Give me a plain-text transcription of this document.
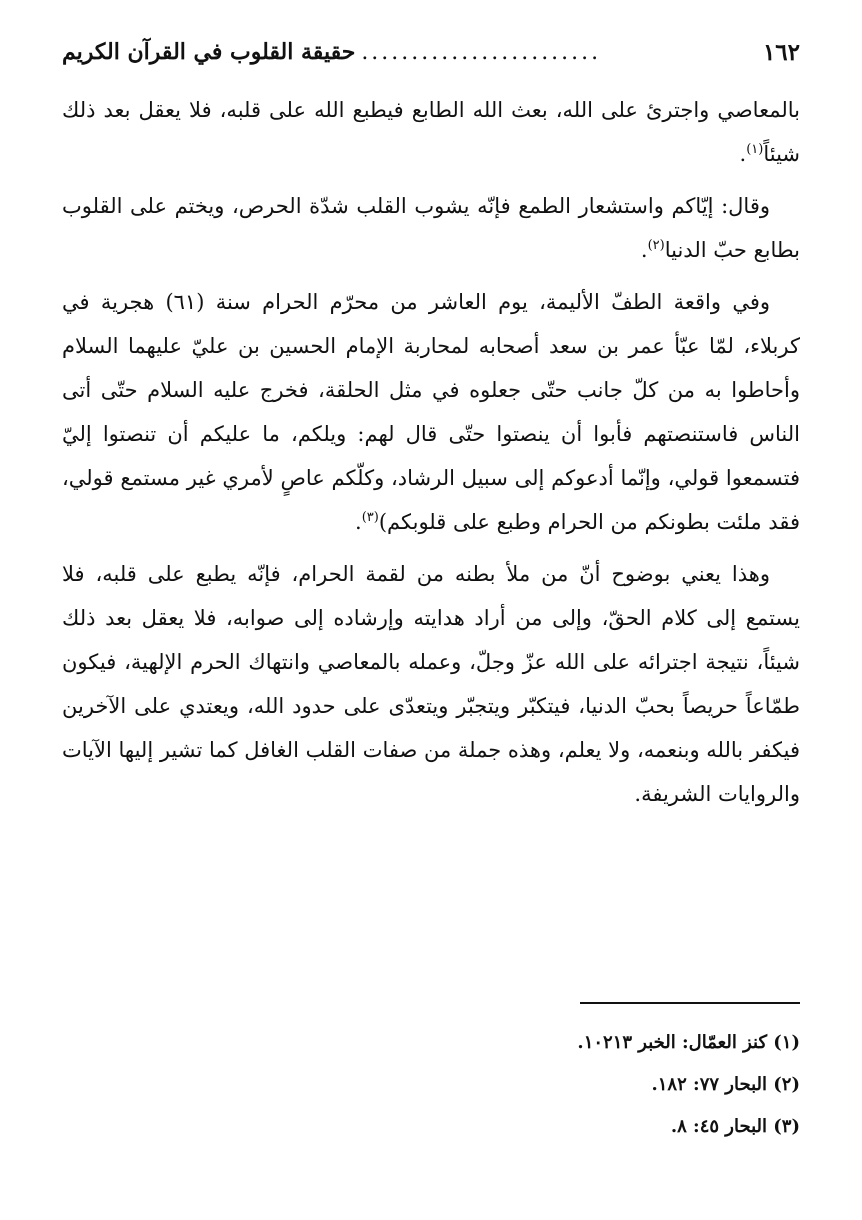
١٦٢
........................
حقيقة القلوب في القرآن الكريم

بالمعاصي واجترئ على الله، بعث الله الطابع فيطبع الله على قلبه، فلا يعقل بعد ذلك شيئاً$^{(١)}$.

وقال: إيّاكم واستشعار الطمع فإنّه يشوب القلب شدّة الحرص، ويختم على القلوب بطابع حبّ الدنيا$^{(٢)}$.

وفي واقعة الطفّ الأليمة، يوم العاشر من محرّم الحرام سنة (٦١) هجرية في كربلاء، لمّا عبّأ عمر بن سعد أصحابه لمحاربة الإمام الحسين بن عليّ عليهما السلام وأحاطوا به من كلّ جانب حتّى جعلوه في مثل الحلقة، فخرج عليه السلام حتّى أتى الناس فاستنصتهم فأبوا أن ينصتوا حتّى قال لهم: ويلكم، ما عليكم أن تنصتوا إليّ فتسمعوا قولي، وإنّما أدعوكم إلى سبيل الرشاد، وكلّكم عاصٍ لأمري غير مستمع قولي، فقد ملئت بطونكم من الحرام وطبع على قلوبكم)$^{(٣)}$.

وهذا يعني بوضوح أنّ من ملأ بطنه من لقمة الحرام، فإنّه يطبع على قلبه، فلا يستمع إلى كلام الحقّ، وإلى من أراد هدايته وإرشاده إلى صوابه، فلا يعقل بعد ذلك شيئاً، نتيجة اجترائه على الله عزّ وجلّ، وعمله بالمعاصي وانتهاك الحرم الإلهية، فيكون طمّاعاً حريصاً بحبّ الدنيا، فيتكبّر ويتجبّر ويتعدّى على حدود الله، ويعتدي على الآخرين فيكفر بالله وبنعمه، ولا يعلم، وهذه جملة من صفات القلب الغافل كما تشير إليها الآيات والروايات الشريفة.

(١) كنز العمّال: الخبر ١٠٢١٣.
(٢) البحار ٧٧: ١٨٢.
(٣) البحار ٤٥: ٨.
